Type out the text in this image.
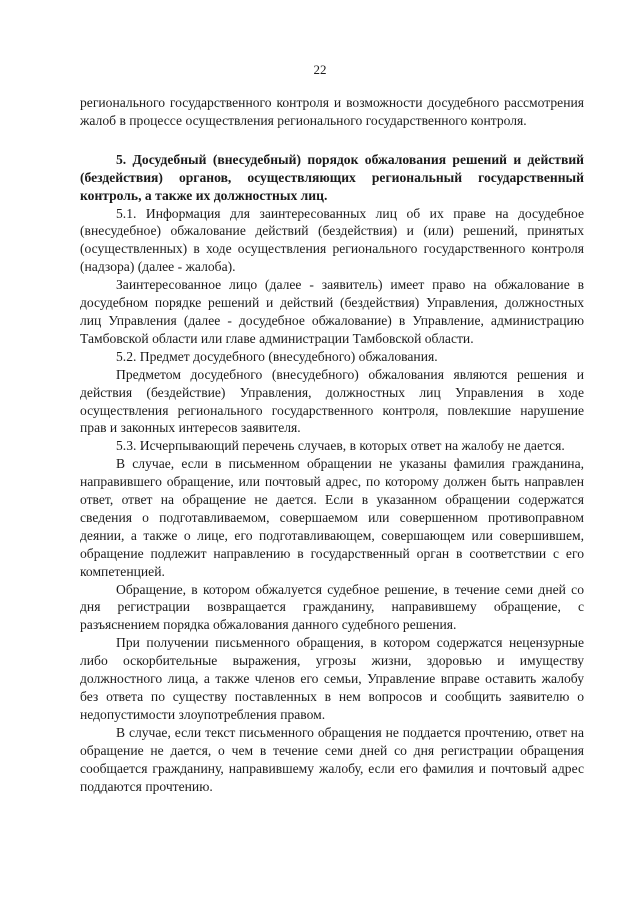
22

регионального государственного контроля и возможности досудебного рассмотрения жалоб в процессе осуществления регионального государственного контроля.

5. Досудебный (внесудебный) порядок обжалования решений и действий (бездействия) органов, осуществляющих региональный государственный контроль, а также их должностных лиц.

5.1. Информация для заинтересованных лиц об их праве на досудебное (внесудебное) обжалование действий (бездействия) и (или) решений, принятых (осуществленных) в ходе осуществления регионального государственного контроля (надзора) (далее - жалоба).

Заинтересованное лицо (далее - заявитель) имеет право на обжалование в досудебном порядке решений и действий (бездействия) Управления, должностных лиц Управления (далее - досудебное обжалование) в Управление, администрацию Тамбовской области или главе администрации Тамбовской области.

5.2. Предмет досудебного (внесудебного) обжалования.

Предметом досудебного (внесудебного) обжалования являются решения и действия (бездействие) Управления, должностных лиц Управления в ходе осуществления регионального государственного контроля, повлекшие нарушение прав и законных интересов заявителя.

5.3. Исчерпывающий перечень случаев, в которых ответ на жалобу не дается.

В случае, если в письменном обращении не указаны фамилия гражданина, направившего обращение, или почтовый адрес, по которому должен быть направлен ответ, ответ на обращение не дается. Если в указанном обращении содержатся сведения о подготавливаемом, совершаемом или совершенном противоправном деянии, а также о лице, его подготавливающем, совершающем или совершившем, обращение подлежит направлению в государственный орган в соответствии с его компетенцией.

Обращение, в котором обжалуется судебное решение, в течение семи дней со дня регистрации возвращается гражданину, направившему обращение, с разъяснением порядка обжалования данного судебного решения.

При получении письменного обращения, в котором содержатся нецензурные либо оскорбительные выражения, угрозы жизни, здоровью и имуществу должностного лица, а также членов его семьи, Управление вправе оставить жалобу без ответа по существу поставленных в нем вопросов и сообщить заявителю о недопустимости злоупотребления правом.

В случае, если текст письменного обращения не поддается прочтению, ответ на обращение не дается, о чем в течение семи дней со дня регистрации обращения сообщается гражданину, направившему жалобу, если его фамилия и почтовый адрес поддаются прочтению.
